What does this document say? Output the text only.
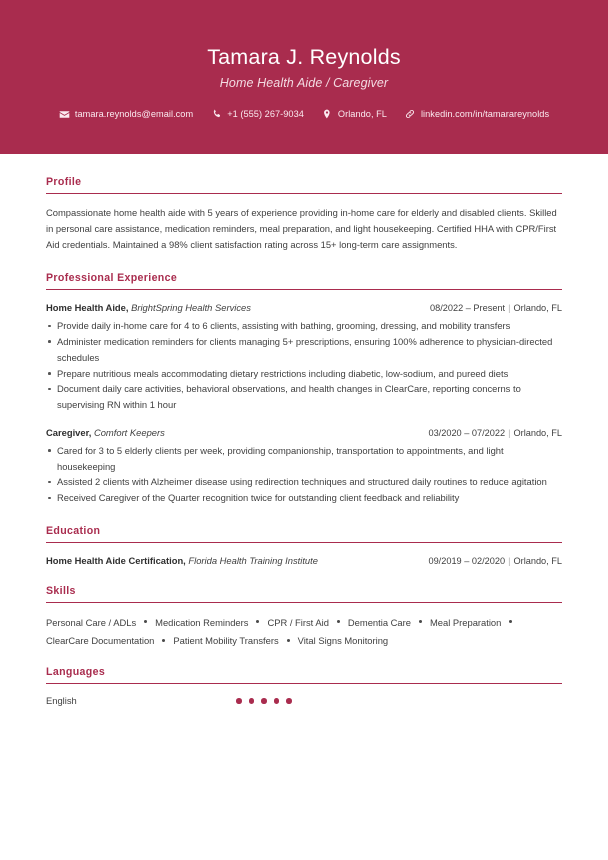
Tamara J. Reynolds
Home Health Aide / Caregiver
tamara.reynolds@email.com	+1 (555) 267-9034	Orlando, FL	linkedin.com/in/tamarareynolds
Profile
Compassionate home health aide with 5 years of experience providing in-home care for elderly and disabled clients. Skilled in personal care assistance, medication reminders, meal preparation, and light housekeeping. Certified HHA with CPR/First Aid credentials. Maintained a 98% client satisfaction rating across 15+ long-term care assignments.
Professional Experience
Home Health Aide, BrightSpring Health Services	08/2022 – Present | Orlando, FL
Provide daily in-home care for 4 to 6 clients, assisting with bathing, grooming, dressing, and mobility transfers
Administer medication reminders for clients managing 5+ prescriptions, ensuring 100% adherence to physician-directed schedules
Prepare nutritious meals accommodating dietary restrictions including diabetic, low-sodium, and pureed diets
Document daily care activities, behavioral observations, and health changes in ClearCare, reporting concerns to supervising RN within 1 hour
Caregiver, Comfort Keepers	03/2020 – 07/2022 | Orlando, FL
Cared for 3 to 5 elderly clients per week, providing companionship, transportation to appointments, and light housekeeping
Assisted 2 clients with Alzheimer disease using redirection techniques and structured daily routines to reduce agitation
Received Caregiver of the Quarter recognition twice for outstanding client feedback and reliability
Education
Home Health Aide Certification, Florida Health Training Institute	09/2019 – 02/2020 | Orlando, FL
Skills
Personal Care / ADLs Medication Reminders CPR / First Aid Dementia Care Meal PreparationClearCare Documentation Patient Mobility Transfers Vital Signs Monitoring
Languages
English
